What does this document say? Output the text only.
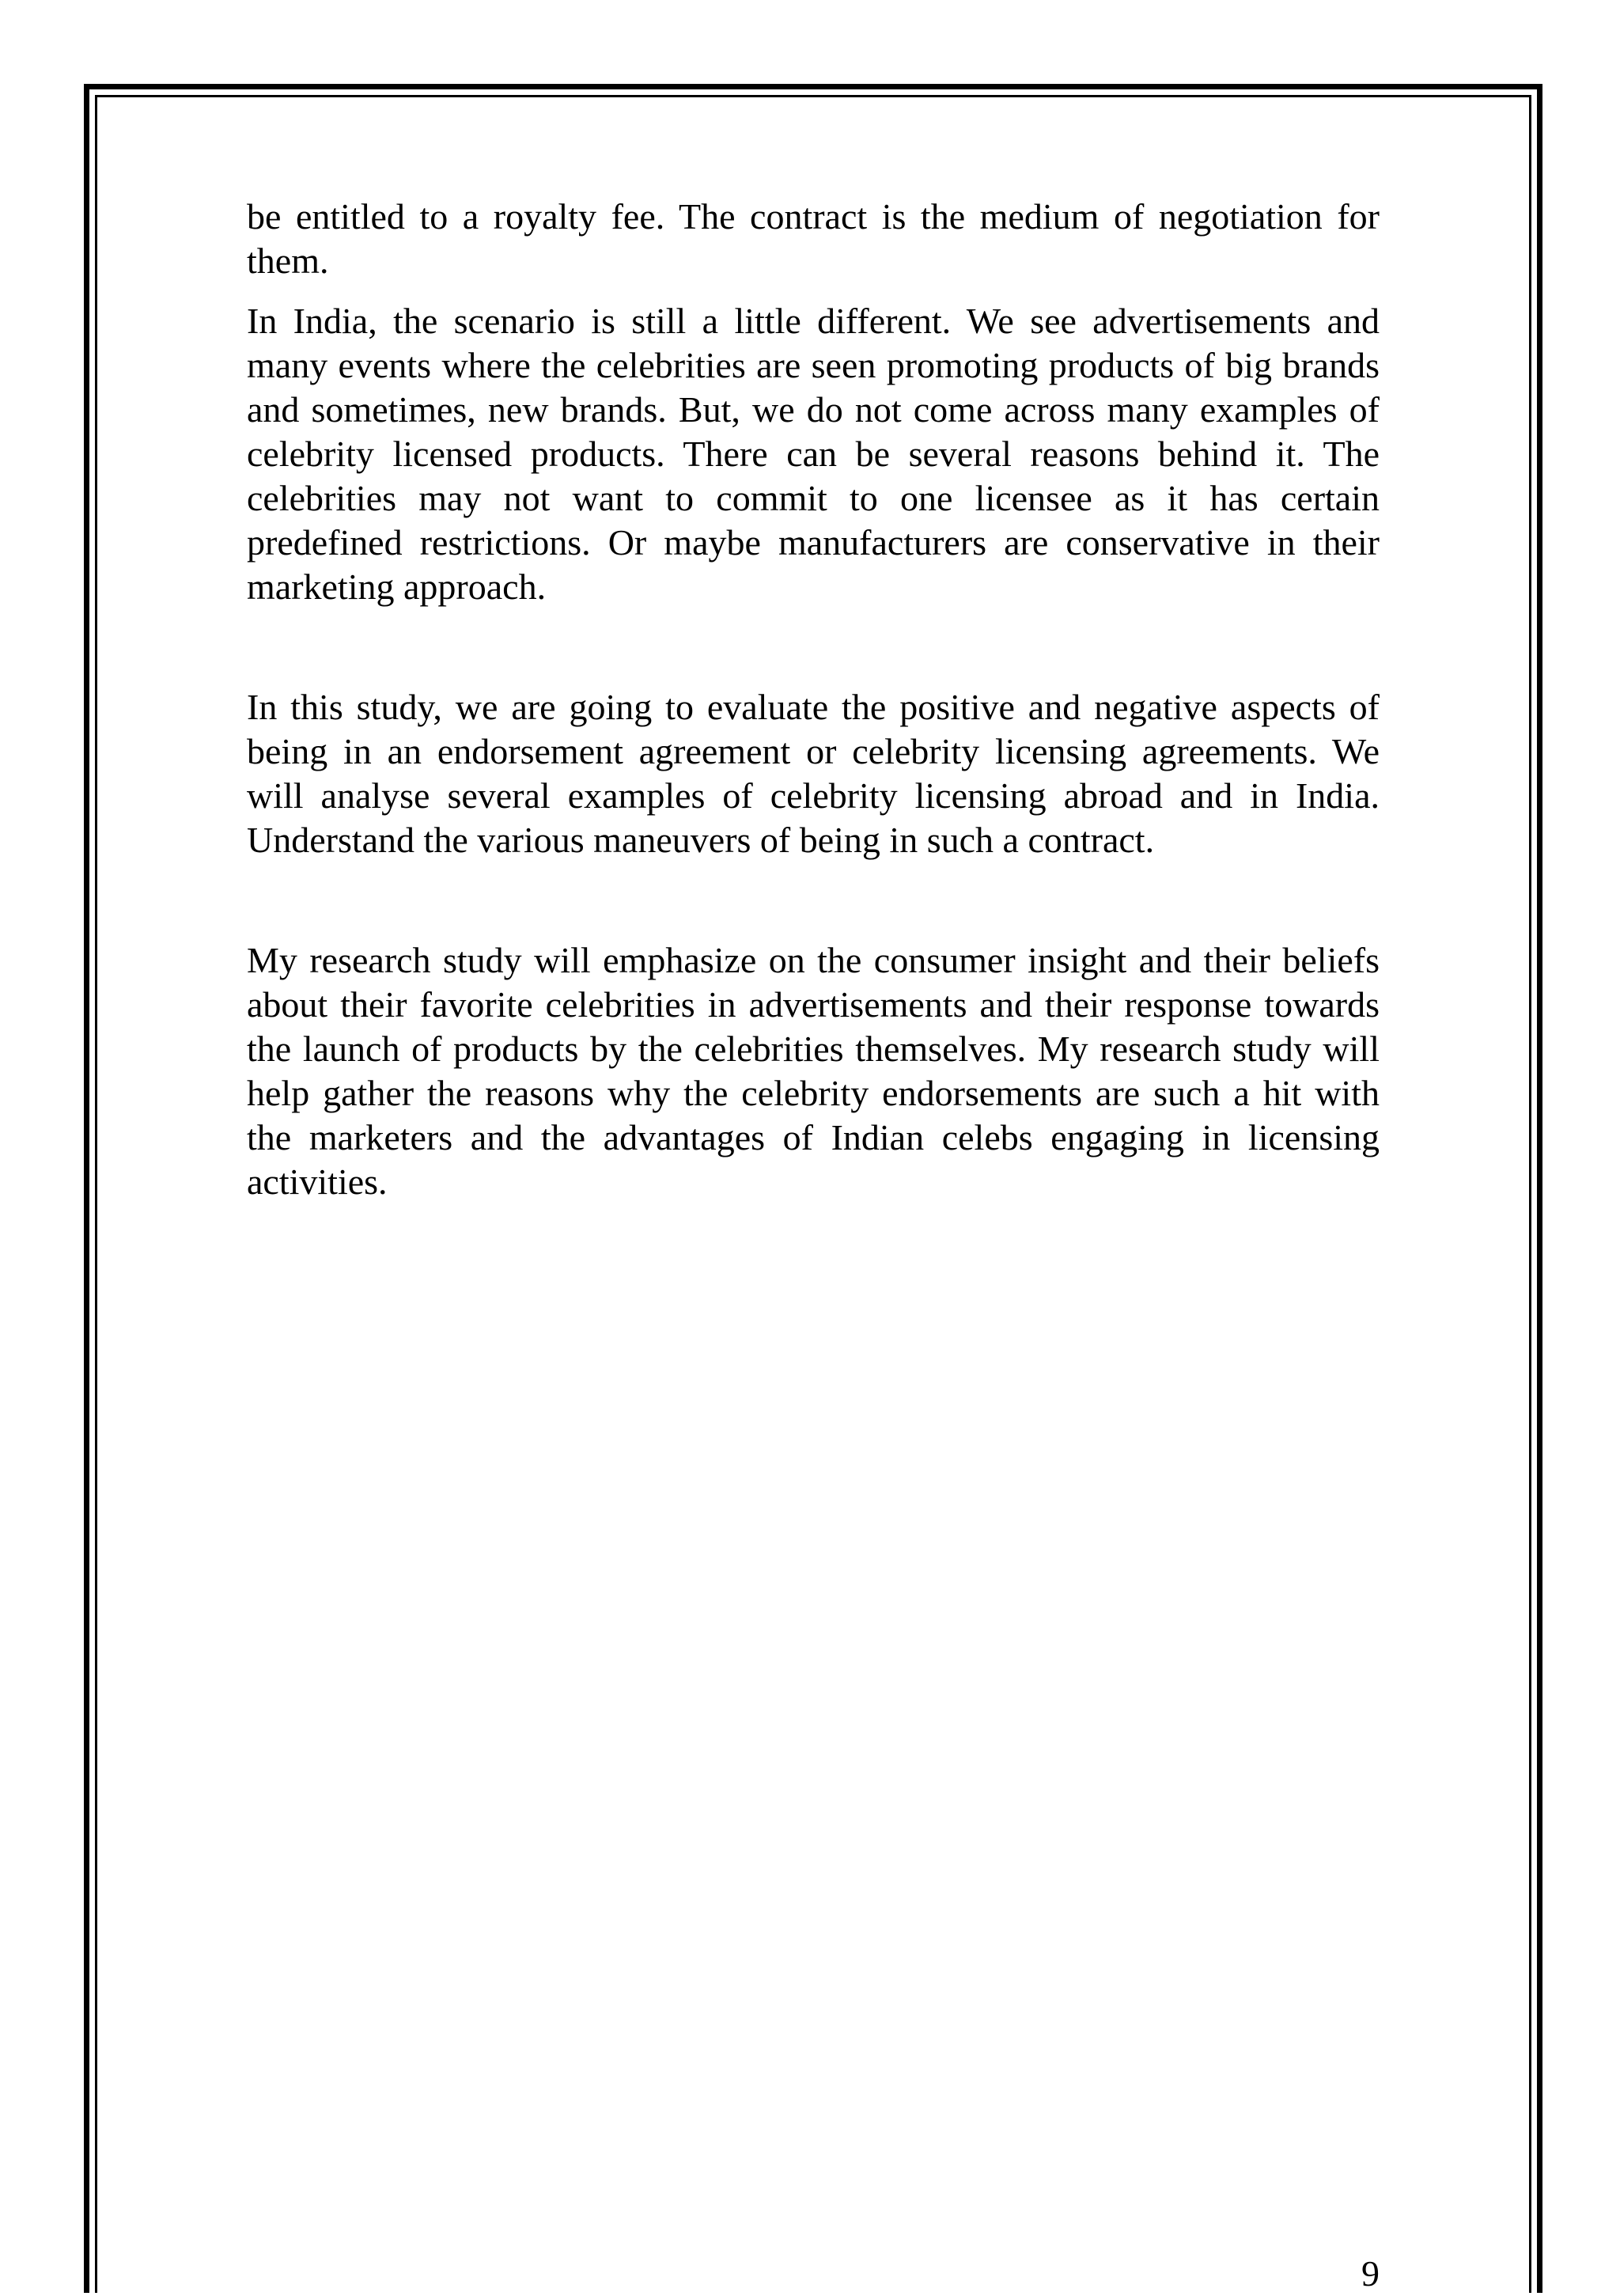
be entitled to a royalty fee. The contract is the medium of negotiation for them.

In India, the scenario is still a little different. We see advertisements and many events where the celebrities are seen promoting products of big brands and sometimes, new brands. But, we do not come across many examples of celebrity licensed products. There can be several reasons behind it. The celebrities may not want to commit to one licensee as it has certain predefined restrictions. Or maybe manufacturers are conservative in their marketing approach.

In this study, we are going to evaluate the positive and negative aspects of being in an endorsement agreement or celebrity licensing agreements. We will analyse several examples of celebrity licensing abroad and in India. Understand the various maneuvers of being in such a contract.

My research study will emphasize on the consumer insight and their beliefs about their favorite celebrities in advertisements and their response towards the launch of products by the celebrities themselves. My research study will help gather the reasons why the celebrity endorsements are such a hit with the marketers and the advantages of Indian celebs engaging in licensing activities.

9
